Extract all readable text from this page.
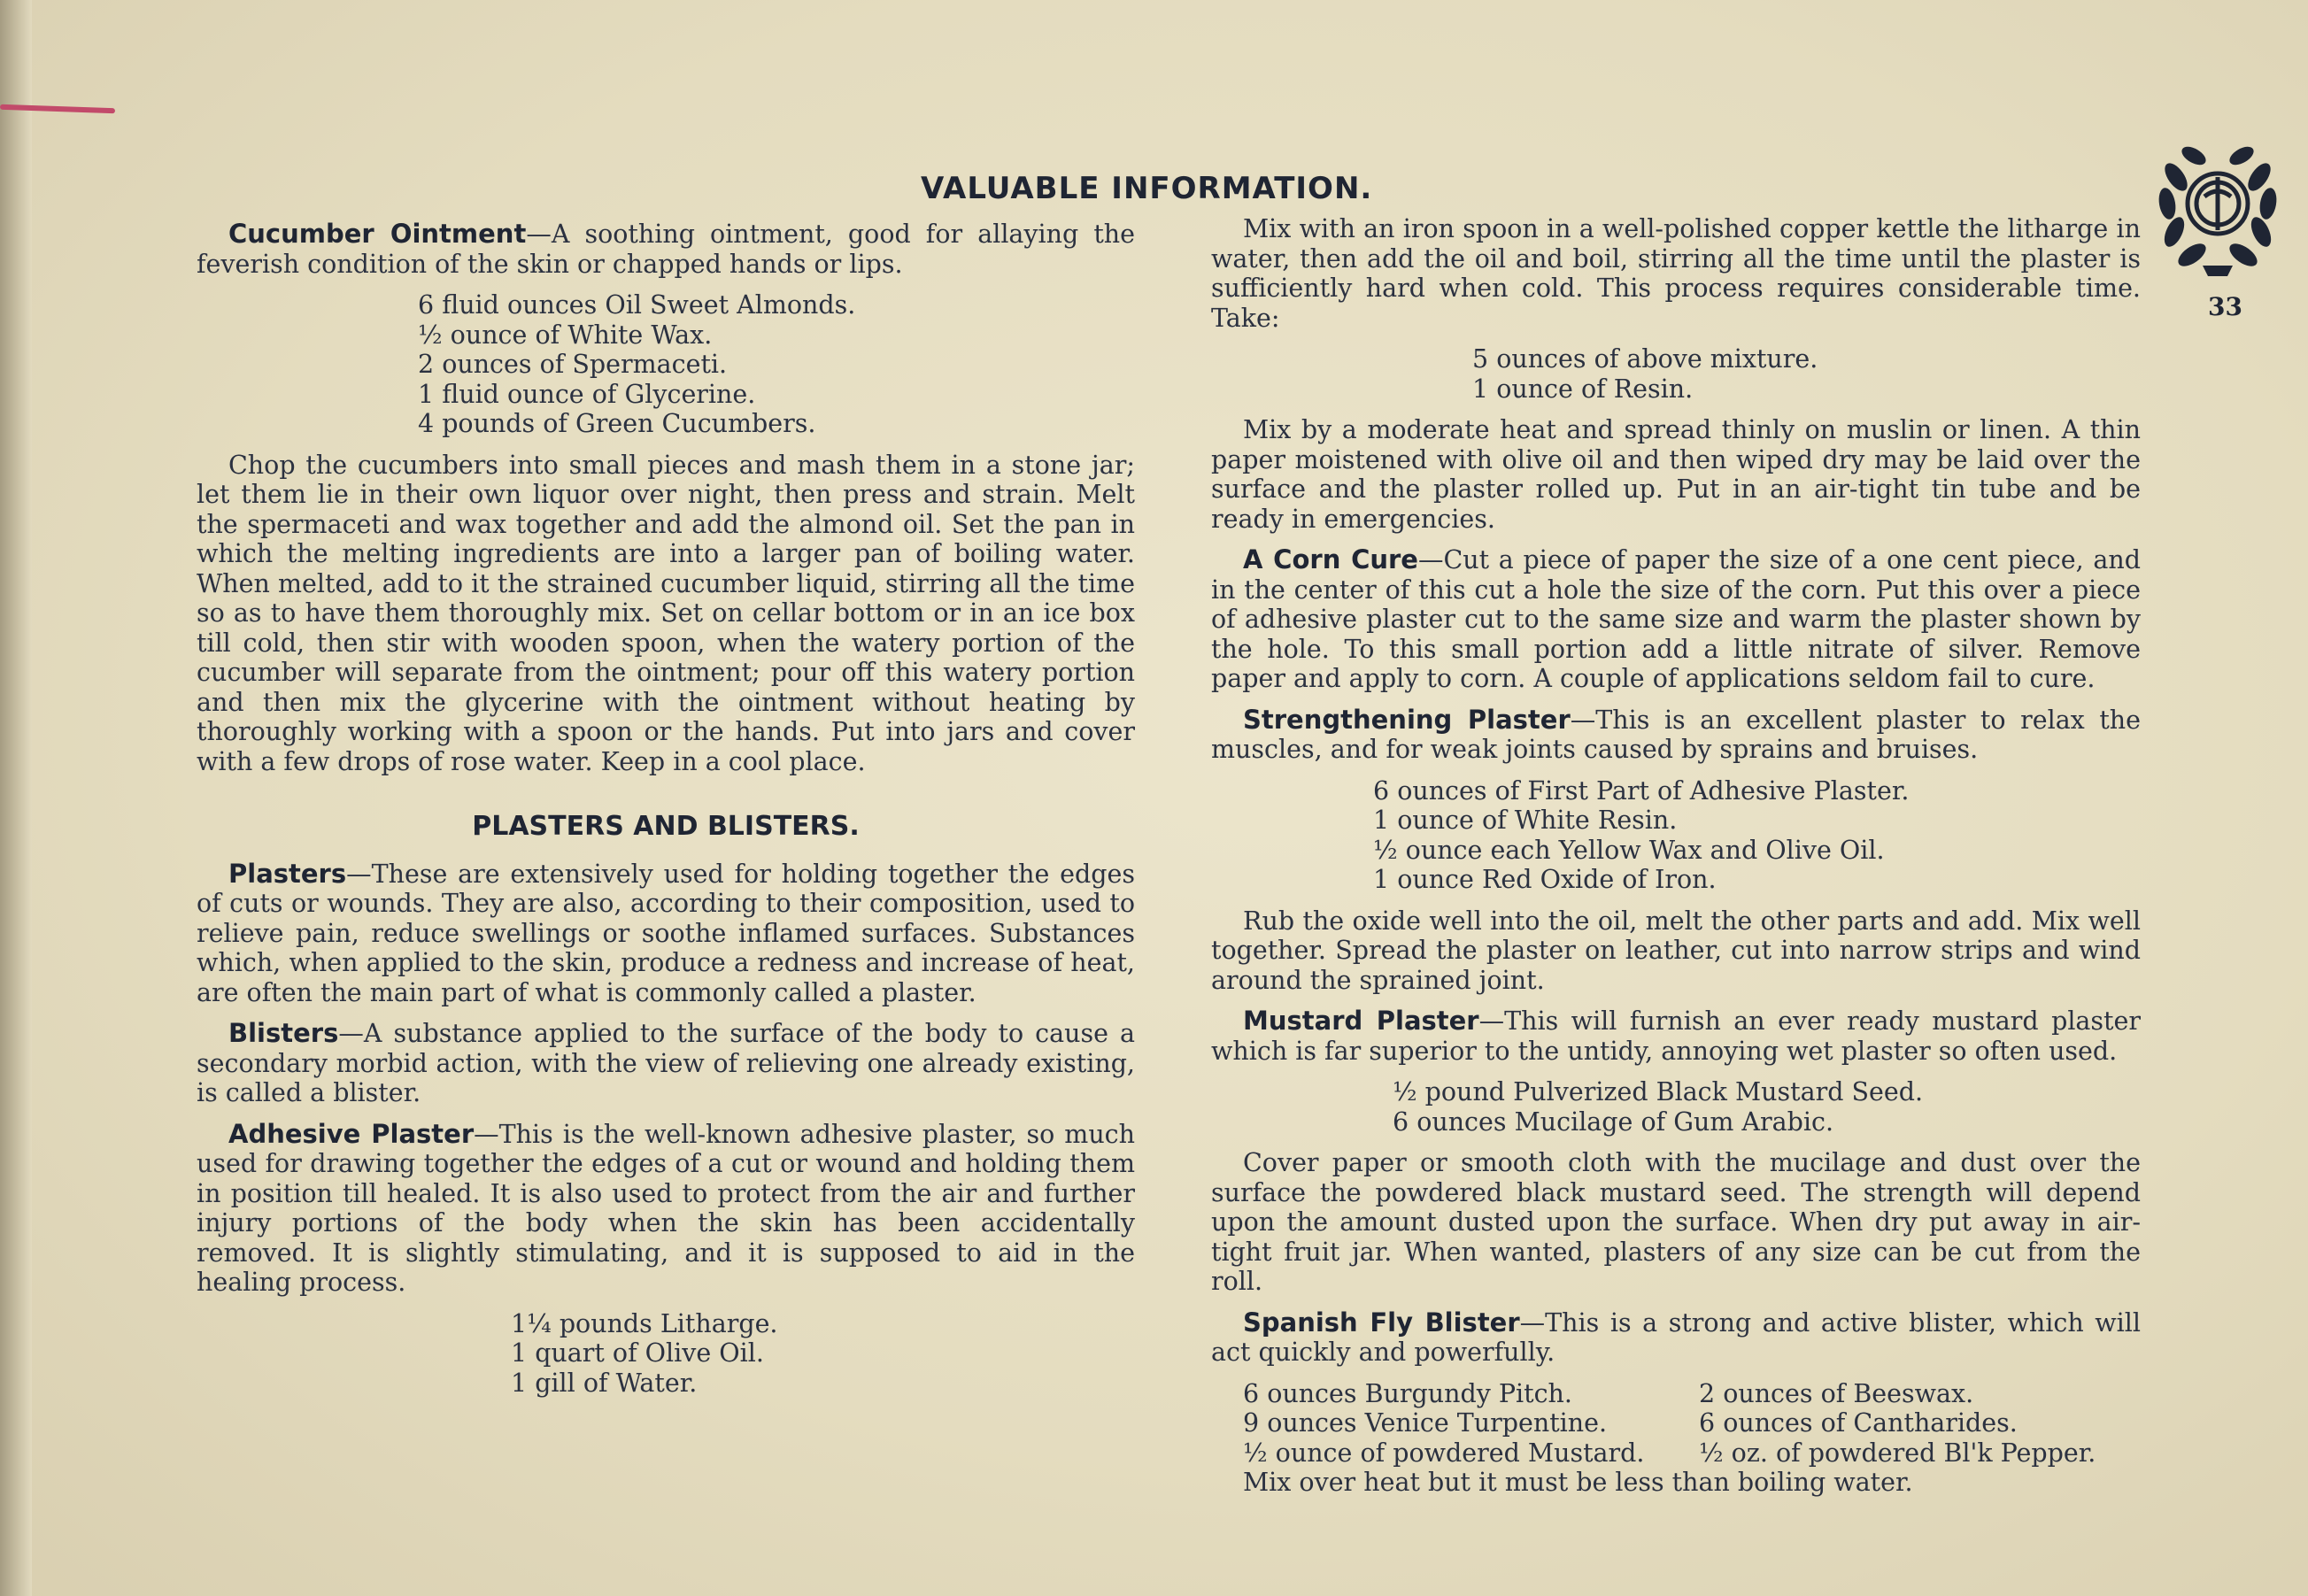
VALUABLE INFORMATION.
33

Cucumber Ointment—A soothing ointment, good for allaying the feverish condition of the skin or chapped hands or lips.

6 fluid ounces Oil Sweet Almonds.
½ ounce of White Wax.
2 ounces of Spermaceti.
1 fluid ounce of Glycerine.
4 pounds of Green Cucumbers.

Chop the cucumbers into small pieces and mash them in a stone jar; let them lie in their own liquor over night, then press and strain. Melt the spermaceti and wax together and add the almond oil. Set the pan in which the melting ingredients are into a larger pan of boiling water. When melted, add to it the strained cucumber liquid, stirring all the time so as to have them thoroughly mix. Set on cellar bottom or in an ice box till cold, then stir with wooden spoon, when the watery portion of the cucumber will separate from the ointment; pour off this watery portion and then mix the glycerine with the ointment without heating by thoroughly working with a spoon or the hands. Put into jars and cover with a few drops of rose water. Keep in a cool place.

PLASTERS AND BLISTERS.

Plasters—These are extensively used for holding together the edges of cuts or wounds. They are also, according to their composition, used to relieve pain, reduce swellings or soothe inflamed surfaces. Substances which, when applied to the skin, produce a redness and increase of heat, are often the main part of what is commonly called a plaster.

Blisters—A substance applied to the surface of the body to cause a secondary morbid action, with the view of relieving one already existing, is called a blister.

Adhesive Plaster—This is the well-known adhesive plaster, so much used for drawing together the edges of a cut or wound and holding them in position till healed. It is also used to protect from the air and further injury portions of the body when the skin has been accidentally removed. It is slightly stimulating, and it is supposed to aid in the healing process.

1¼ pounds Litharge.
1 quart of Olive Oil.
1 gill of Water.

Mix with an iron spoon in a well-polished copper kettle the litharge in water, then add the oil and boil, stirring all the time until the plaster is sufficiently hard when cold. This process requires considerable time. Take:

5 ounces of above mixture.
1 ounce of Resin.

Mix by a moderate heat and spread thinly on muslin or linen. A thin paper moistened with olive oil and then wiped dry may be laid over the surface and the plaster rolled up. Put in an air-tight tin tube and be ready in emergencies.

A Corn Cure—Cut a piece of paper the size of a one cent piece, and in the center of this cut a hole the size of the corn. Put this over a piece of adhesive plaster cut to the same size and warm the plaster shown by the hole. To this small portion add a little nitrate of silver. Remove paper and apply to corn. A couple of applications seldom fail to cure.

Strengthening Plaster—This is an excellent plaster to relax the muscles, and for weak joints caused by sprains and bruises.

6 ounces of First Part of Adhesive Plaster.
1 ounce of White Resin.
½ ounce each Yellow Wax and Olive Oil.
1 ounce Red Oxide of Iron.

Rub the oxide well into the oil, melt the other parts and add. Mix well together. Spread the plaster on leather, cut into narrow strips and wind around the sprained joint.

Mustard Plaster—This will furnish an ever ready mustard plaster which is far superior to the untidy, annoying wet plaster so often used.

½ pound Pulverized Black Mustard Seed.
6 ounces Mucilage of Gum Arabic.

Cover paper or smooth cloth with the mucilage and dust over the surface the powdered black mustard seed. The strength will depend upon the amount dusted upon the surface. When dry put away in air-tight fruit jar. When wanted, plasters of any size can be cut from the roll.

Spanish Fly Blister—This is a strong and active blister, which will act quickly and powerfully.

6 ounces Burgundy Pitch.	2 ounces of Beeswax.
9 ounces Venice Turpentine.	6 ounces of Cantharides.
½ ounce of powdered Mustard.	½ oz. of powdered Bl'k Pepper.

Mix over heat but it must be less than boiling water.
